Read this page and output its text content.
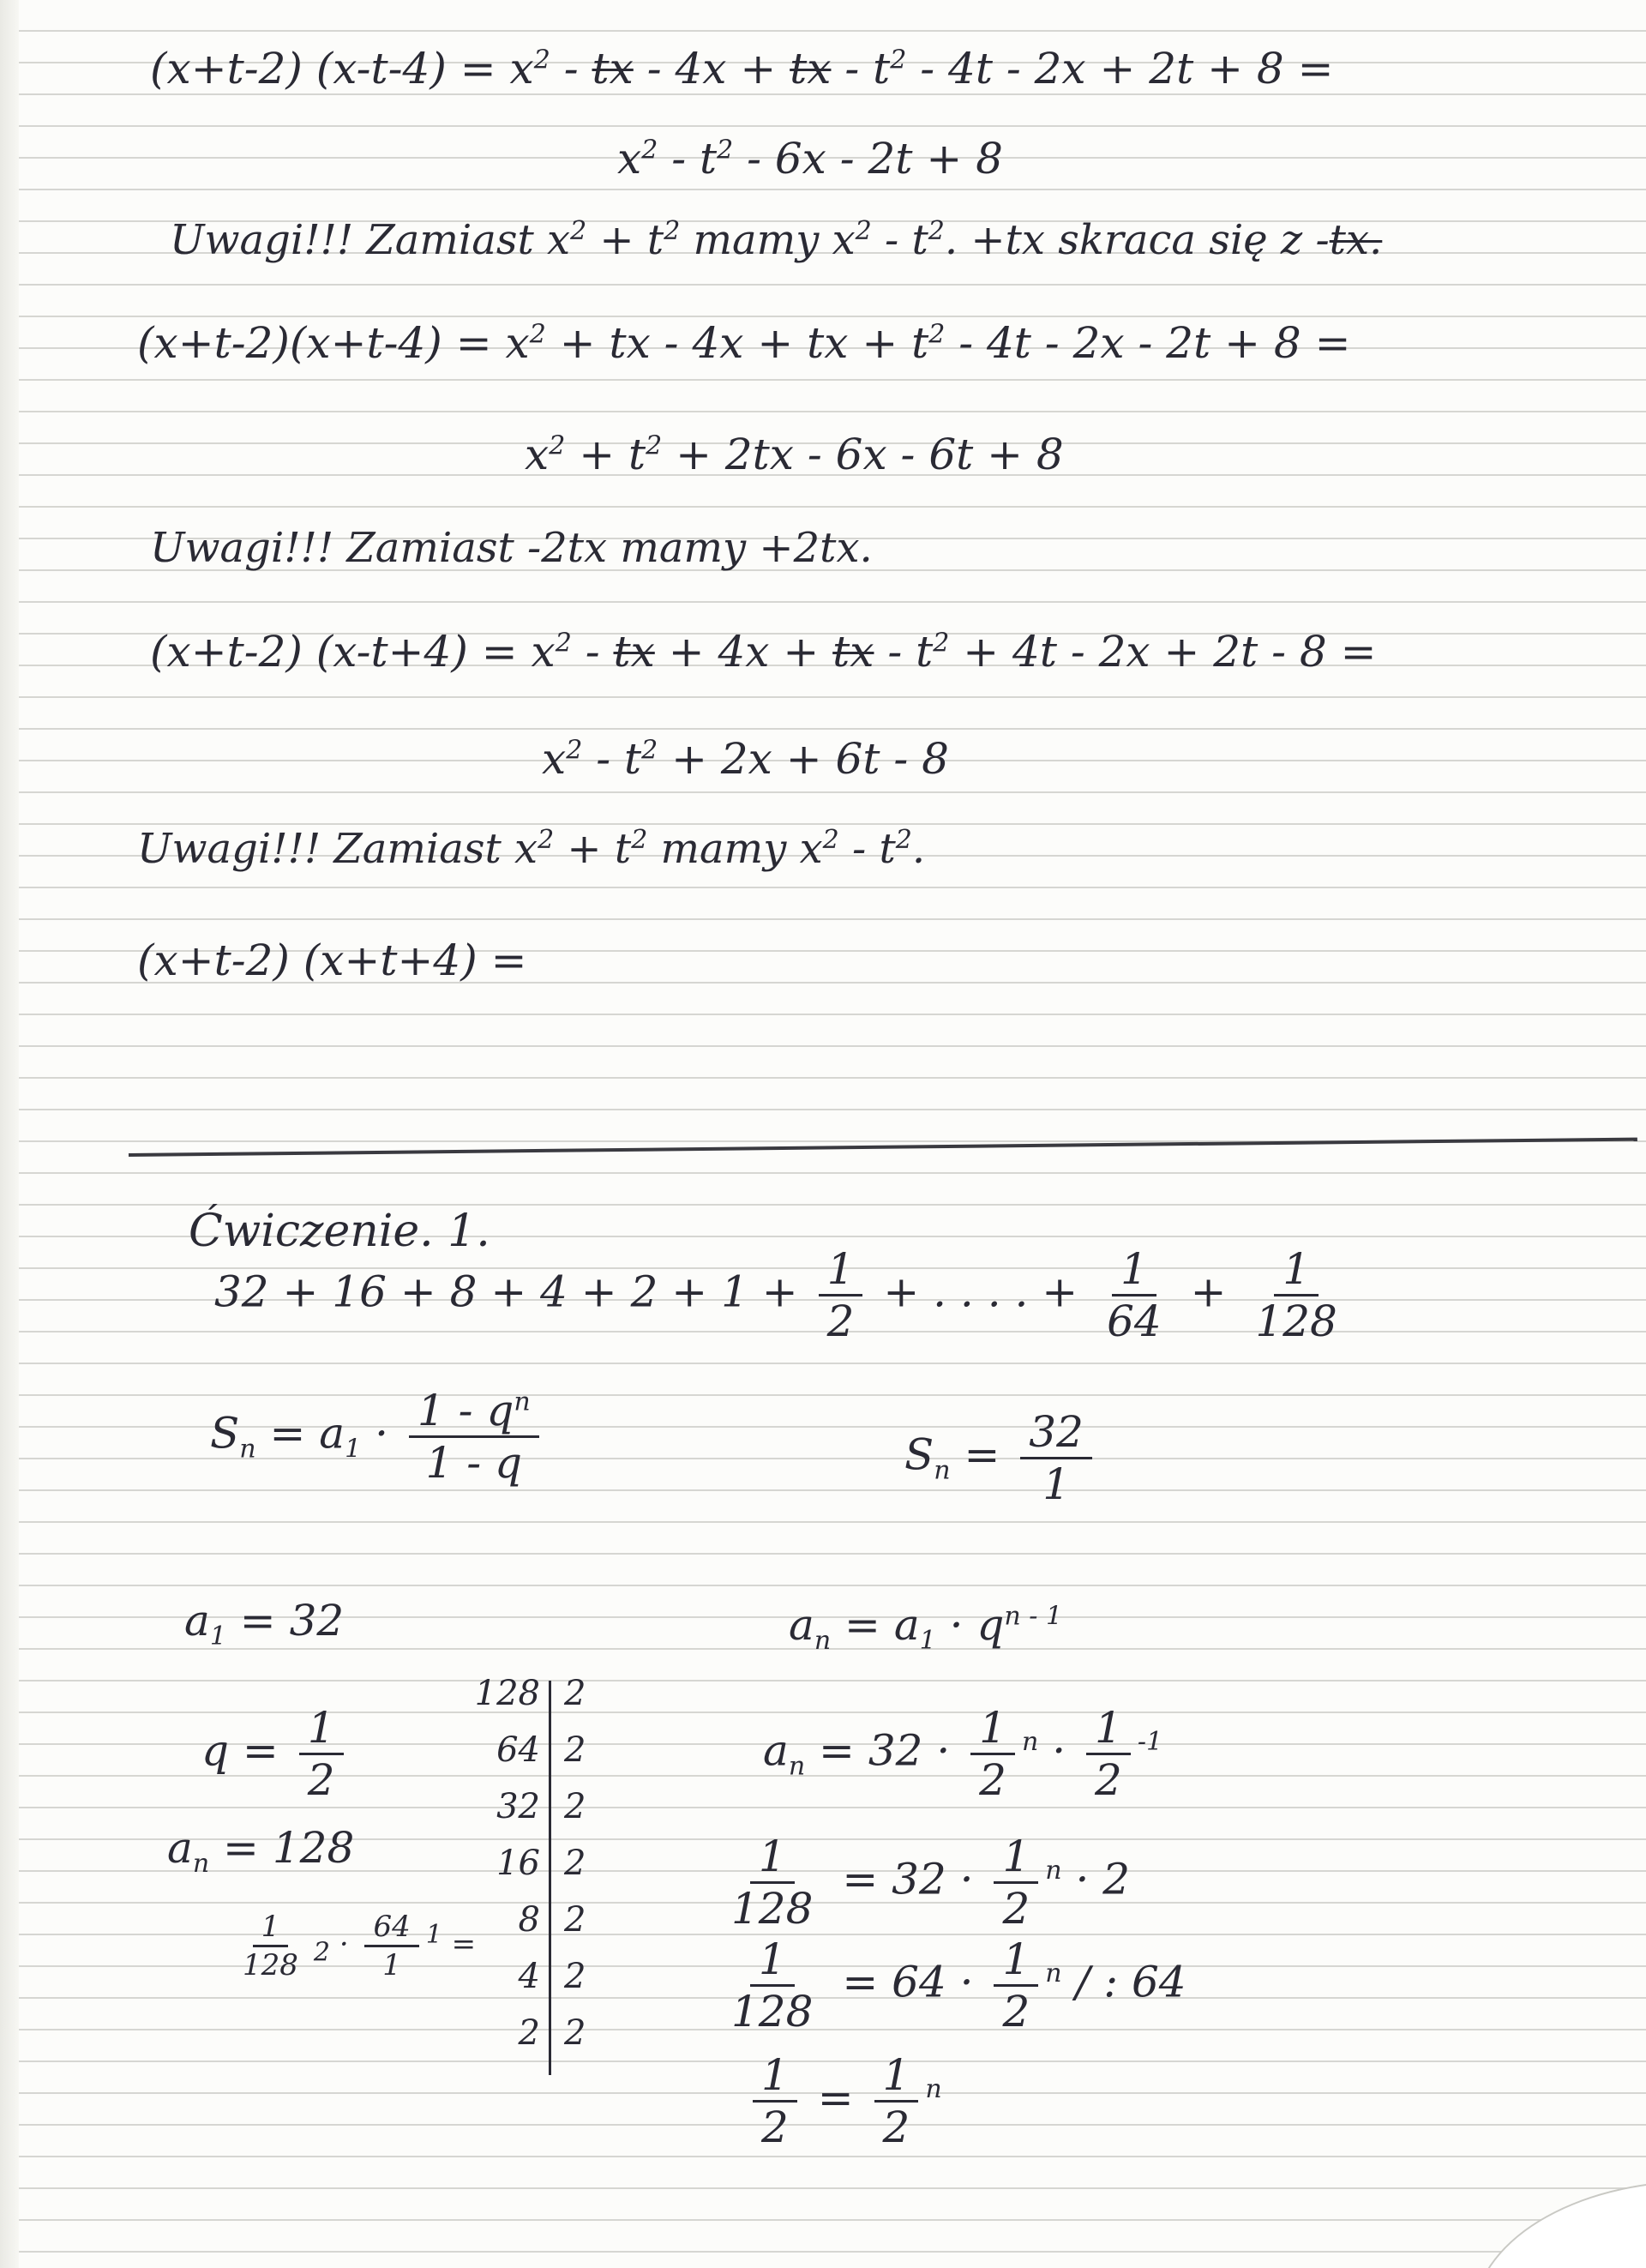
(x+t-2) $(x-t-4) = x^2$ - tx - 4x + tx - $t^2 - 4t - 2x + 2t + 8$ =
$x^2 - t^2 - 6x - 2t + 8$
Uwagi!!! Zamiast $x^2 + t^2$ mamy $x^2 - t^2$. +tx skraca się z -tx.
$(x+t-2)(x+t-4) = x^2$ + tx - 4x + tx + $t^2 - 4t - 2x - 2t + 8$ =
$x^2 + t^2 + 2tx - 6x - 6t + 8$
Uwagi!!! Zamiast -2tx mamy +2tx.
(x+t-2) $(x-t+4) = x^2$ - tx + 4x + tx - $t^2 + 4t - 2x + 2t - 8$ =
$x^2 - t^2 + 2x + 6t - 8$
Uwagi!!! Zamiast $x^2 + t^2$ mamy $x^2 - t^2$.
(x+t-2) (x+t+4) =
Ćwiczenie. 1.
$32 + 16 + 8 + 4 + 2 + 1 + \frac{1}{2}$ + . . . . + $\frac{1}{64} + \frac{1}{128}$
$S_n = a_1 \cdot \frac{1 - q^n}{1 - q}$	$S_n = \frac{32}{1}$
$a_1 = 32$	$a_n = a_1 \cdot q^{n - 1}$
$q = \frac{1}{2}$	$a_n = 32 \cdot \frac{1}{2} ^n \cdot \frac{1}{2} ^{-1}$
$a_n = 128$	$\frac{1}{128} = 32 \cdot \frac{1}{2} ^n \cdot 2$
$\frac{1}{128} _2 \cdot \frac{64}{1} ^1$ =	$\frac{1}{128} = 64 \cdot \frac{1}{2} ^n$ / : 64
$\frac{1}{2} = \frac{1}{2} ^n$
128 2
64 2
32 2
16 2
8 2
4 2
2 2
